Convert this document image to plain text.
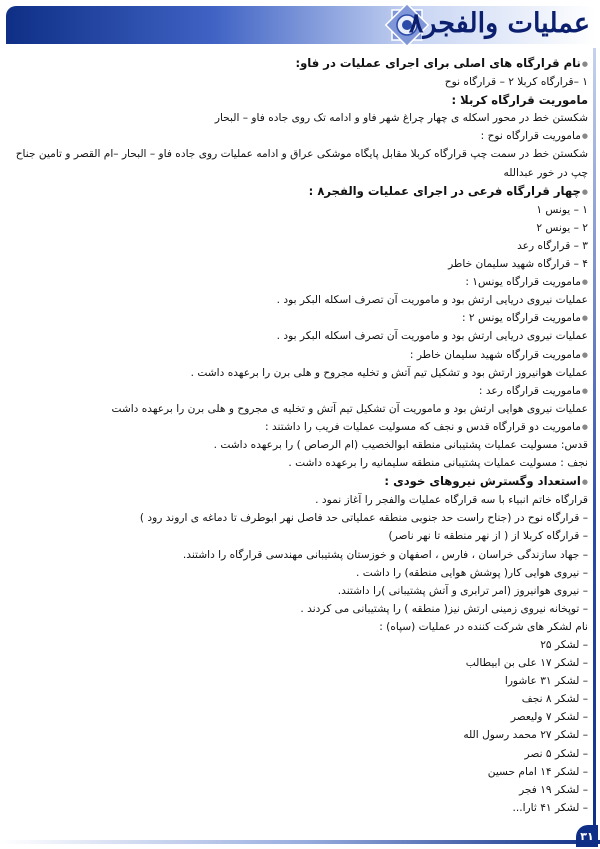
عملیات والفجر۸
●نام قرارگاه های اصلی برای اجرای عملیات در فاو:
۱ –قرارگاه کربلا ۲ – قرارگاه نوح
ماموریت قرارگاه کربلا :
شکستن خط در محور اسکله ی چهار چراغ شهر فاو و ادامه تک روی جاده فاو – البحار
●ماموریت قرارگاه نوح :
شکستن خط در سمت چپ قرارگاه کربلا مقابل پایگاه موشکی عراق و ادامه عملیات روی جاده فاو – البحار –ام القصر و تامین جناح چپ در خور عبدالله
●چهار قرارگاه فرعی در اجرای عملیات والفجر۸ :
۱ – یونس ۱
۲ – یونس ۲
۳ – قرارگاه رعد
۴ – قرارگاه شهید سلیمان خاطر
●ماموریت قرارگاه یونس۱ :
عملیات نیروی دریایی ارتش بود و ماموریت آن تصرف اسکله البکر بود .
●ماموریت قرارگاه یونس ۲ :
عملیات نیروی دریایی ارتش بود و ماموریت آن تصرف اسکله البکر بود .
●ماموریت قرارگاه شهید سلیمان خاطر :
عملیات هوانیروز ارتش بود و تشکیل تیم آتش و تخلیه مجروح و هلی برن را برعهده داشت .
●ماموریت قرارگاه رعد :
عملیات نیروی هوایی ارتش بود و ماموریت آن تشکیل تیم آتش و تخلیه ی مجروح و هلی برن را برعهده داشت
●ماموریت دو قرارگاه قدس و نجف که مسولیت عملیات فریب را داشتند :
قدس: مسولیت عملیات پشتیبانی منطقه ابوالخصیب (ام الرصاص ) را برعهده داشت .
نجف : مسولیت عملیات پشتیبانی منطقه سلیمانیه را برعهده داشت .
●استعداد وگسترش نیروهای خودی :
قرارگاه خاتم انبیاء با سه قرارگاه عملیات والفجر را آغاز نمود .
– قرارگاه نوح در (جناح راست حد جنوبی منطقه عملیاتی حد فاصل نهر ابوطرف تا دماغه ی اروند رود )
– قرارگاه کربلا از ( از نهر منطقه تا نهر ناصر)
– جهاد سازندگی خراسان ، فارس ، اصفهان و خوزستان پشتیبانی مهندسی قرارگاه را داشتند.
– نیروی هوایی کار( پوشش هوایی منطقه) را داشت .
– نیروی هوانیروز (امر ترابری و آتش پشتیبانی )را داشتند.
– توپخانه نیروی زمینی ارتش نیز( منطقه ) را پشتیبانی می کردند .
نام لشکر های شرکت کننده در عملیات (سپاه) :
– لشکر ۲۵
– لشکر ۱۷ علی بن ابیطالب
– لشکر ۳۱ عاشورا
– لشکر ۸ نجف
– لشکر ۷ ولیعصر
– لشکر ۲۷ محمد رسول الله
– لشکر ۵ نصر
– لشکر ۱۴ امام حسین
– لشکر ۱۹ فجر
– لشکر ۴۱ ثارا...
۳۱
